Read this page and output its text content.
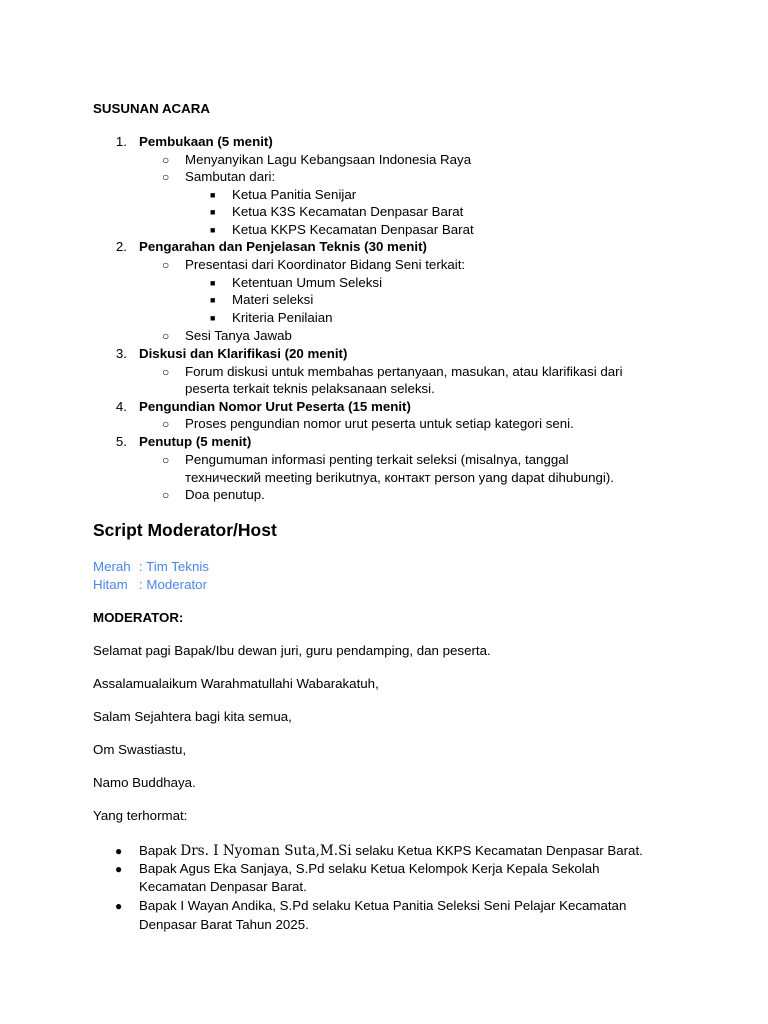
SUSUNAN ACARA
1. Pembukaan (5 menit)
○ Menyanyikan Lagu Kebangsaan Indonesia Raya
○ Sambutan dari:
■ Ketua Panitia Senijar
■ Ketua K3S Kecamatan Denpasar Barat
■ Ketua KKPS Kecamatan Denpasar Barat
2. Pengarahan dan Penjelasan Teknis (30 menit)
○ Presentasi dari Koordinator Bidang Seni terkait:
■ Ketentuan Umum Seleksi
■ Materi seleksi
■ Kriteria Penilaian
○ Sesi Tanya Jawab
3. Diskusi dan Klarifikasi (20 menit)
○ Forum diskusi untuk membahas pertanyaan, masukan, atau klarifikasi dari
peserta terkait teknis pelaksanaan seleksi.
4. Pengundian Nomor Urut Peserta (15 menit)
○ Proses pengundian nomor urut peserta untuk setiap kategori seni.
5. Penutup (5 menit)
○ Pengumuman informasi penting terkait seleksi (misalnya, tanggal
технический meeting berikutnya, контакт person yang dapat dihubungi).
○ Doa penutup.
Script Moderator/Host
Merah : Tim Teknis
Hitam : Moderator
MODERATOR:
Selamat pagi Bapak/Ibu dewan juri, guru pendamping, dan peserta.
Assalamualaikum Warahmatullahi Wabarakatuh,
Salam Sejahtera bagi kita semua,
Om Swastiastu,
Namo Buddhaya.
Yang terhormat:
● Bapak Drs. I Nyoman Suta,M.Si selaku Ketua KKPS Kecamatan Denpasar Barat.
● Bapak Agus Eka Sanjaya, S.Pd selaku Ketua Kelompok Kerja Kepala Sekolah
Kecamatan Denpasar Barat.
● Bapak I Wayan Andika, S.Pd selaku Ketua Panitia Seleksi Seni Pelajar Kecamatan
Denpasar Barat Tahun 2025.
